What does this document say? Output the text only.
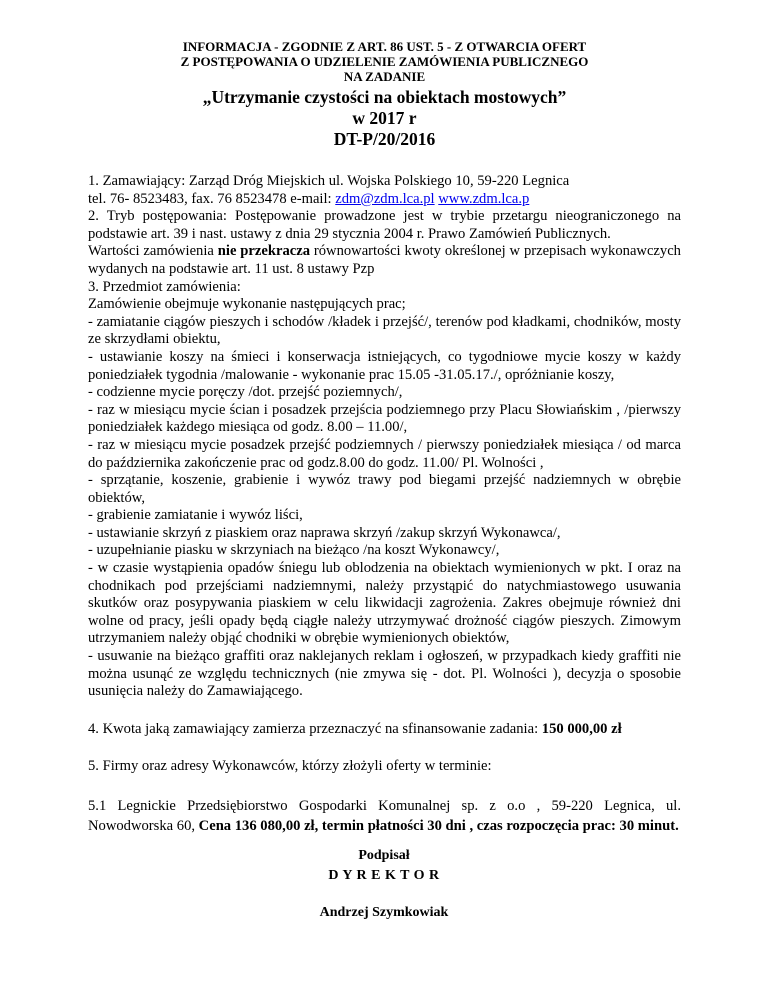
INFORMACJA - ZGODNIE Z ART. 86 UST. 5 - Z OTWARCIA OFERT
Z POSTĘPOWANIA O UDZIELENIE ZAMÓWIENIA PUBLICZNEGO
NA ZADANIE
„Utrzymanie czystości na obiektach mostowych”
w 2017 r
DT-P/20/2016
1. Zamawiający: Zarząd Dróg Miejskich ul. Wojska Polskiego 10, 59-220 Legnica
tel. 76- 8523483, fax. 76 8523478 e-mail: zdm@zdm.lca.pl www.zdm.lca.p
2. Tryb postępowania: Postępowanie prowadzone jest w trybie przetargu nieograniczonego na podstawie art. 39 i nast. ustawy z dnia 29 stycznia 2004 r. Prawo Zamówień Publicznych.
Wartości zamówienia nie przekracza równowartości kwoty określonej w przepisach wykonawczych wydanych na podstawie art. 11 ust. 8 ustawy Pzp
3. Przedmiot zamówienia:
Zamówienie obejmuje wykonanie następujących prac;
- zamiatanie ciągów pieszych i schodów /kładek i przejść/, terenów pod kładkami, chodników, mosty ze skrzydłami obiektu,
- ustawianie koszy na śmieci i konserwacja istniejących, co tygodniowe mycie koszy w każdy poniedziałek tygodnia /malowanie - wykonanie prac 15.05 -31.05.17./, opróżnianie koszy,
- codzienne mycie poręczy /dot. przejść poziemnych/,
- raz w miesiącu mycie ścian i posadzek przejścia podziemnego przy Placu Słowiańskim , /pierwszy poniedziałek każdego miesiąca od godz. 8.00 – 11.00/,
- raz w miesiącu mycie posadzek przejść podziemnych / pierwszy poniedziałek miesiąca / od marca do października zakończenie prac od godz.8.00 do godz. 11.00/ Pl. Wolności ,
- sprzątanie, koszenie, grabienie i wywóz trawy pod biegami przejść nadziemnych w obrębie obiektów,
- grabienie zamiatanie i wywóz liści,
- ustawianie skrzyń z piaskiem oraz naprawa skrzyń /zakup skrzyń Wykonawca/,
- uzupełnianie piasku w skrzyniach na bieżąco /na koszt Wykonawcy/,
- w czasie wystąpienia opadów śniegu lub oblodzenia na obiektach wymienionych w pkt. I oraz na chodnikach pod przejściami nadziemnymi, należy przystąpić do natychmiastowego usuwania skutków oraz posypywania piaskiem w celu likwidacji zagrożenia. Zakres obejmuje również dni wolne od pracy, jeśli opady będą ciągłe należy utrzymywać drożność ciągów pieszych. Zimowym utrzymaniem należy objąć chodniki w obrębie wymienionych obiektów,
- usuwanie na bieżąco graffiti oraz naklejanych reklam i ogłoszeń, w przypadkach kiedy graffiti nie można usunąć ze względu technicznych (nie zmywa się - dot. Pl. Wolności ), decyzja o sposobie usunięcia należy do Zamawiającego.
4. Kwota jaką zamawiający zamierza przeznaczyć na sfinansowanie zadania: 150 000,00 zł
5. Firmy oraz adresy Wykonawców, którzy złożyli oferty w terminie:
5.1 Legnickie Przedsiębiorstwo Gospodarki Komunalnej sp. z o.o , 59-220 Legnica, ul. Nowodworska 60, Cena 136 080,00 zł, termin płatności 30 dni , czas rozpoczęcia prac: 30 minut.
Podpisał
D Y R E K T O R
Andrzej Szymkowiak
